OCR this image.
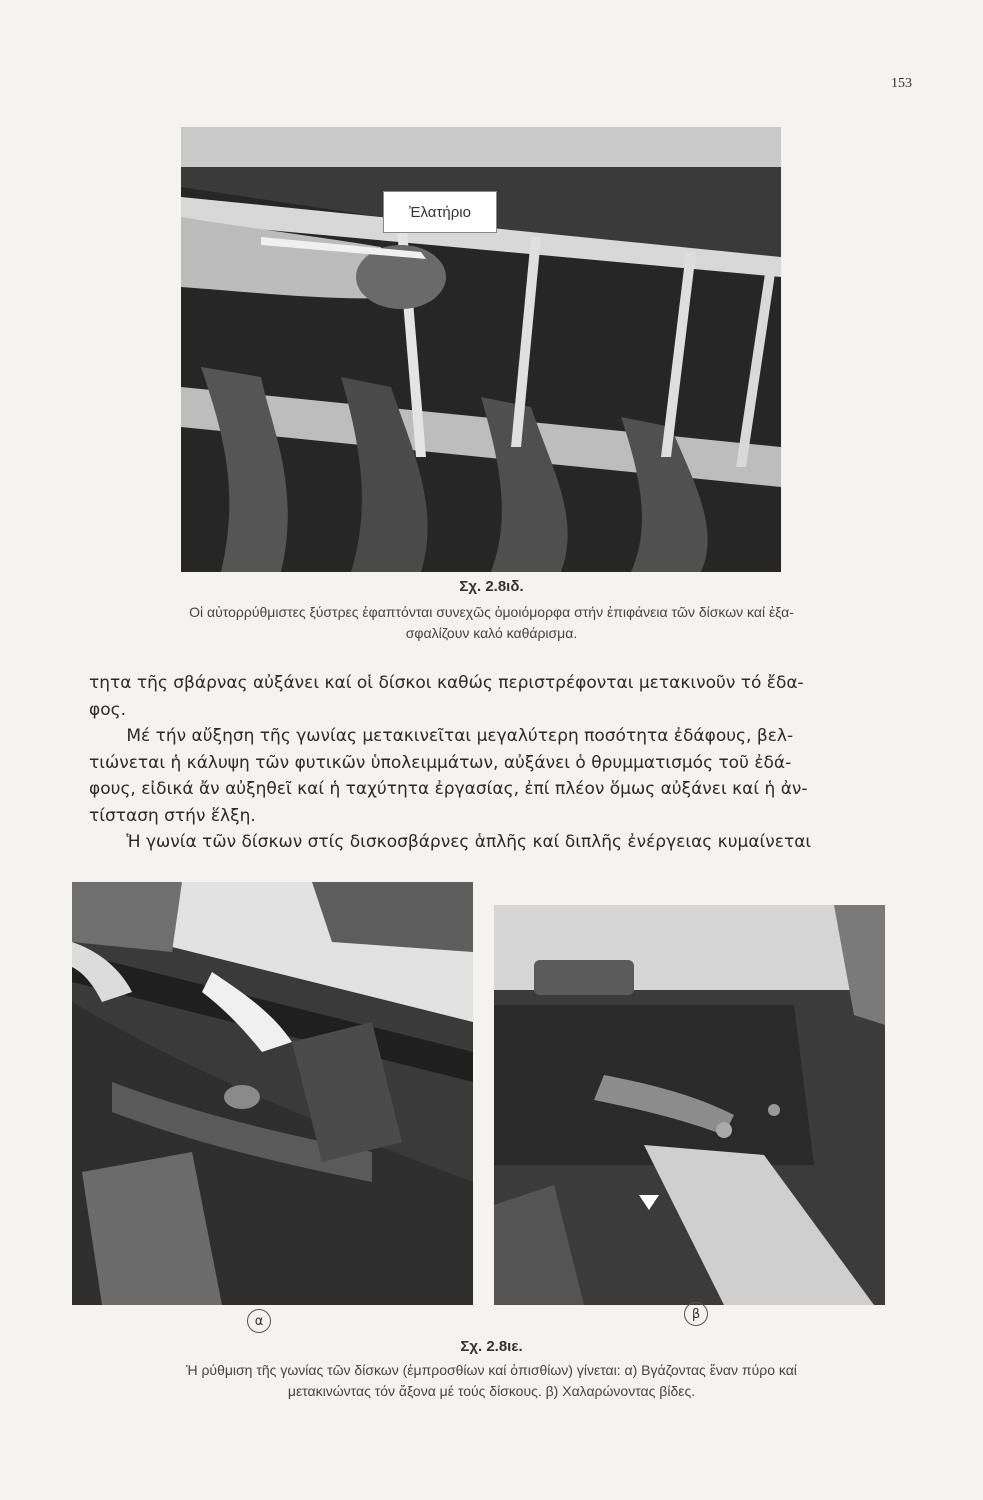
153
Ἐλατήριο
Σχ. 2.8ιδ.
Οἱ αὐτορρύθμιστες ξύστρες ἐφαπτόνται συνεχῶς ὁμοιόμορφα στήν ἐπιφάνεια τῶν δίσκων καί ἐξα-
σφαλίζουν καλό καθάρισμα.

τητα τῆς σβάρνας αὐξάνει καί οἱ δίσκοι καθώς περιστρέφονται μετακινοῦν τό ἔδα-
φος.

Μέ τήν αὔξηση τῆς γωνίας μετακινεῖται μεγαλύτερη ποσότητα ἐδάφους, βελ-
τιώνεται ἡ κάλυψη τῶν φυτικῶν ὑπολειμμάτων, αὐξάνει ὁ θρυμματισμός τοῦ ἐδά-
φους, εἰδικά ἄν αὐξηθεῖ καί ἡ ταχύτητα ἐργασίας, ἐπί πλέον ὅμως αὐξάνει καί ἡ ἀν-
τίσταση στήν ἕλξη.

Ἡ γωνία τῶν δίσκων στίς δισκοσβάρνες ἁπλῆς καί διπλῆς ἐνέργειας κυμαίνεται

α	β
Σχ. 2.8ιε.
Ἡ ρύθμιση τῆς γωνίας τῶν δίσκων (ἐμπροσθίων καί ὀπισθίων) γίνεται: α) Βγάζοντας ἕναν πύρο καί
μετακινώντας τόν ἄξονα μέ τούς δίσκους. β) Χαλαρώνοντας βίδες.
